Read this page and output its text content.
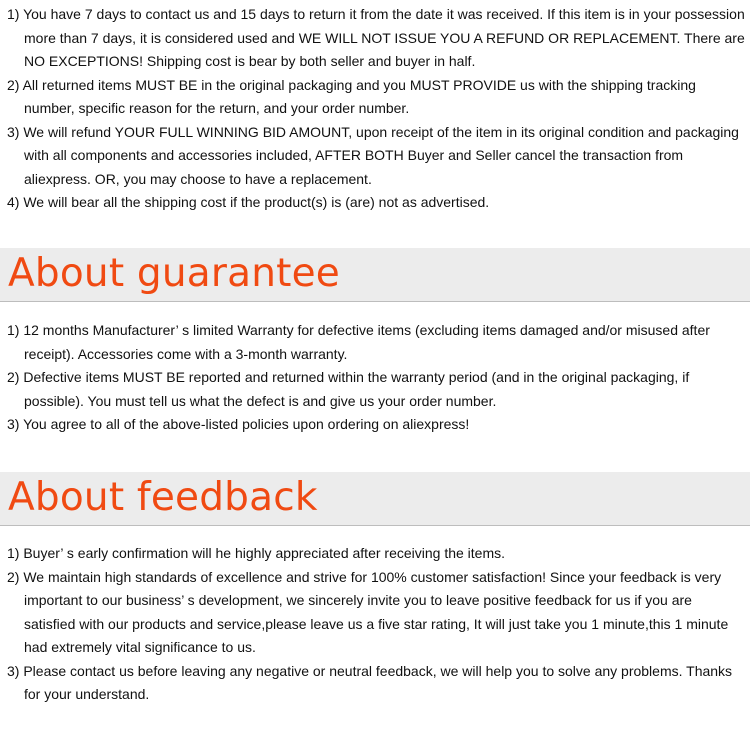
1) You have 7 days to contact us and 15 days to return it from the date it was received. If this item is in your possession more than 7 days, it is considered used and WE WILL NOT ISSUE YOU A REFUND OR REPLACEMENT. There are NO EXCEPTIONS! Shipping cost is bear by both seller and buyer in half.
2) All returned items MUST BE in the original packaging and you MUST PROVIDE us with the shipping tracking number, specific reason for the return, and your order number.
3) We will refund YOUR FULL WINNING BID AMOUNT, upon receipt of the item in its original condition and packaging with all components and accessories included, AFTER BOTH Buyer and Seller cancel the transaction from aliexpress. OR, you may choose to have a replacement.
4) We will bear all the shipping cost if the product(s) is (are) not as advertised.
About guarantee
1) 12 months Manufacturer’ s limited Warranty for defective items (excluding items damaged and/or misused after receipt). Accessories come with a 3-month warranty.
2) Defective items MUST BE reported and returned within the warranty period (and in the original packaging, if possible). You must tell us what the defect is and give us your order number.
3) You agree to all of the above-listed policies upon ordering on aliexpress!
About feedback
1) Buyer’ s early confirmation will he highly appreciated after receiving the items.
2) We maintain high standards of excellence and strive for 100% customer satisfaction! Since your feedback is very important to our business’ s development, we sincerely invite you to leave positive feedback for us if you are satisfied with our products and service,please leave us a five star rating, It will just take you 1 minute,this 1 minute had extremely vital significance to us.
3) Please contact us before leaving any negative or neutral feedback, we will help you to solve any problems. Thanks for your understand.
